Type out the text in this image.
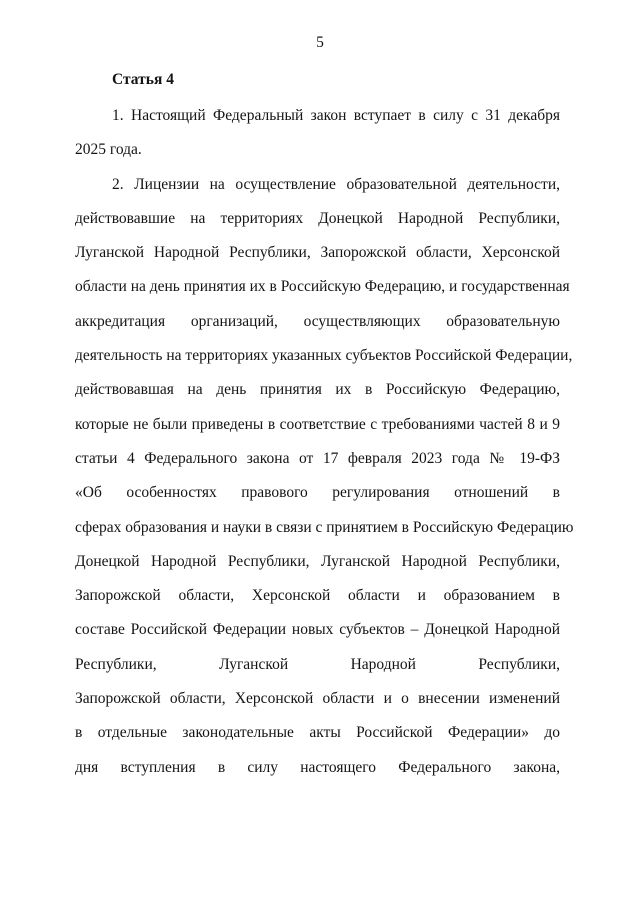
5
Статья 4
1. Настоящий Федеральный закон вступает в силу с 31 декабря
2025 года.
2. Лицензии на осуществление образовательной деятельности,
действовавшие на территориях Донецкой Народной Республики,
Луганской Народной Республики, Запорожской области, Херсонской
области на день принятия их в Российскую Федерацию, и государственная
аккредитация организаций, осуществляющих образовательную
деятельность на территориях указанных субъектов Российской Федерации,
действовавшая на день принятия их в Российскую Федерацию,
которые не были приведены в соответствие с требованиями частей 8 и 9
статьи 4 Федерального закона от 17 февраля 2023 года № 19-ФЗ
«Об особенностях правового регулирования отношений в
сферах образования и науки в связи с принятием в Российскую Федерацию
Донецкой Народной Республики, Луганской Народной Республики,
Запорожской области, Херсонской области и образованием в
составе Российской Федерации новых субъектов – Донецкой Народной
Республики, Луганской Народной Республики,
Запорожской области, Херсонской области и о внесении изменений
в отдельные законодательные акты Российской Федерации» до
дня вступления в силу настоящего Федерального закона,
